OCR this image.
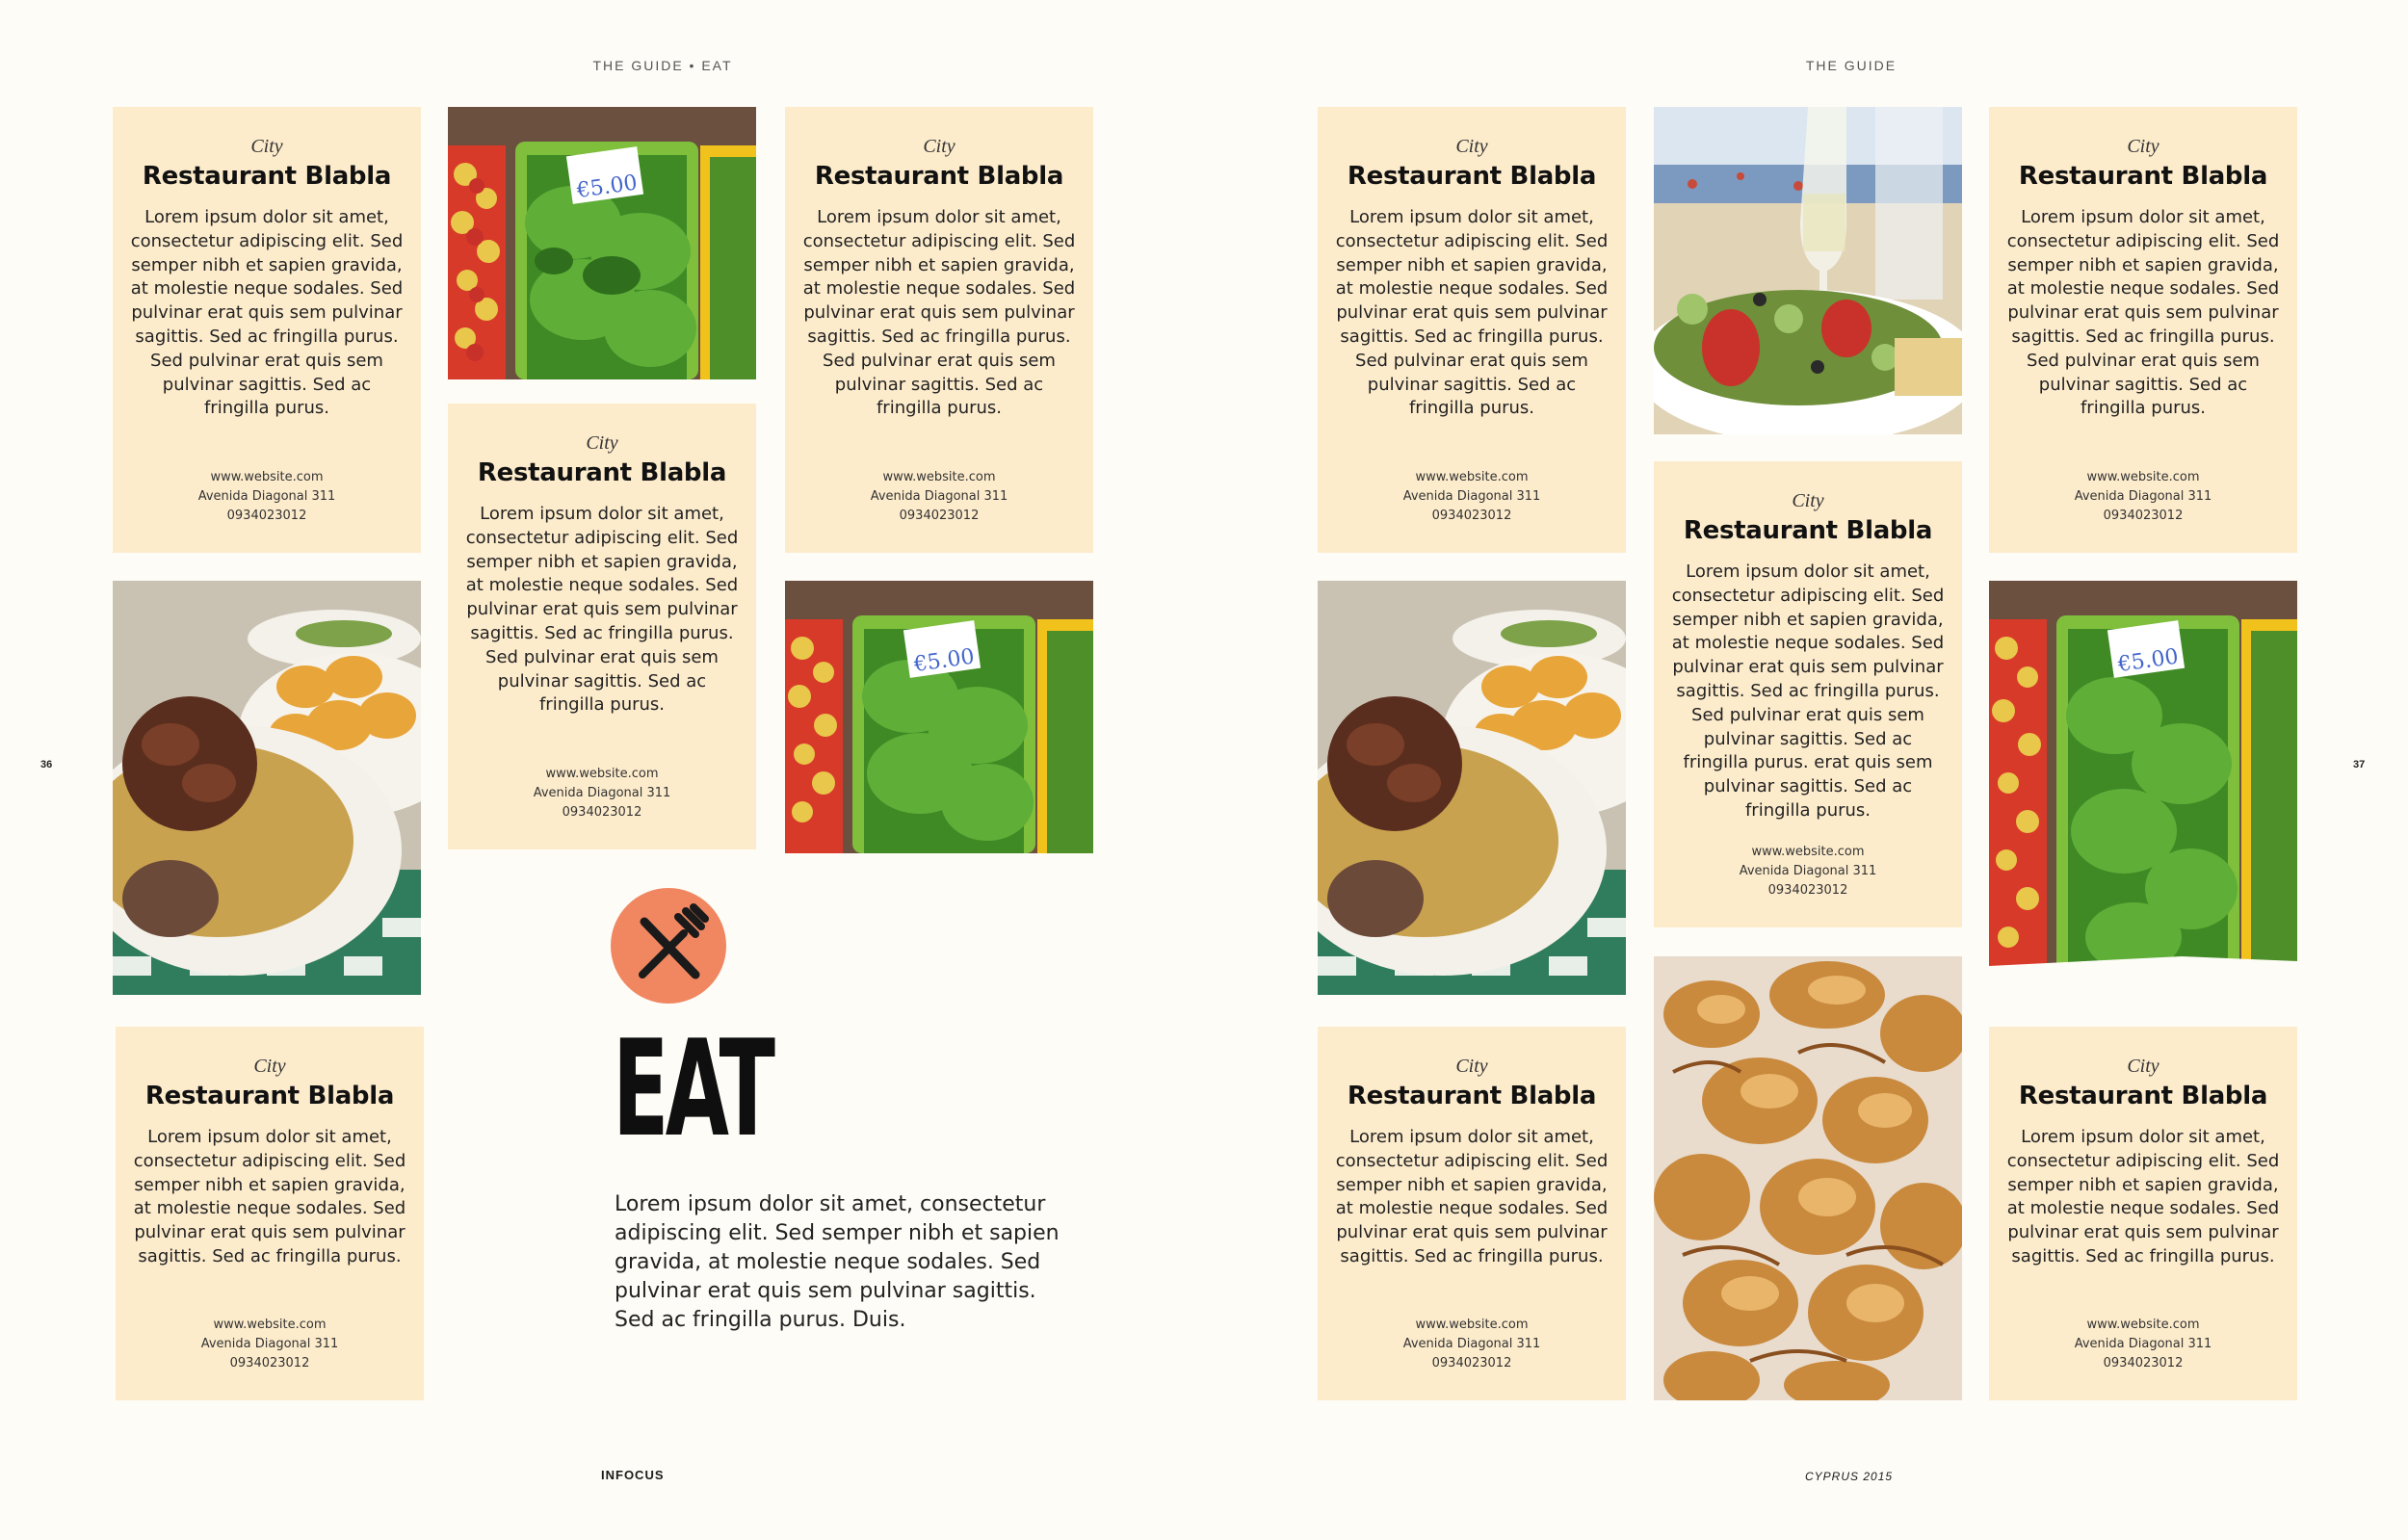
THE GUIDE • EAT	THE GUIDE
36	37
INFOCUS	CYPRUS 2015
City
Restaurant Blabla
Lorem ipsum dolor sit amet, consectetur adipiscing elit. Sed semper nibh et sapien gravida, at molestie neque sodales. Sed pulvinar erat quis sem pulvinar sagittis. Sed ac fringilla purus. Sed pulvinar erat quis sem pulvinar sagittis. Sed ac fringilla purus.
www.website.com
Avenida Diagonal 311
0934023012
€5.00
City
Restaurant Blabla
Lorem ipsum dolor sit amet, consectetur adipiscing elit. Sed semper nibh et sapien gravida, at molestie neque sodales. Sed pulvinar erat quis sem pulvinar sagittis. Sed ac fringilla purus. Sed pulvinar erat quis sem pulvinar sagittis. Sed ac fringilla purus.
www.website.com
Avenida Diagonal 311
0934023012
City
Restaurant Blabla
Lorem ipsum dolor sit amet, consectetur adipiscing elit. Sed semper nibh et sapien gravida, at molestie neque sodales. Sed pulvinar erat quis sem pulvinar sagittis. Sed ac fringilla purus. Sed pulvinar erat quis sem pulvinar sagittis. Sed ac fringilla purus.
www.website.com
Avenida Diagonal 311
0934023012
€5.00
City
Restaurant Blabla
Lorem ipsum dolor sit amet, consectetur adipiscing elit. Sed semper nibh et sapien gravida, at molestie neque sodales. Sed pulvinar erat quis sem pulvinar sagittis. Sed ac fringilla purus.
www.website.com
Avenida Diagonal 311
0934023012
EAT
Lorem ipsum dolor sit amet, consectetur adipiscing elit. Sed semper nibh et sapien gravida, at molestie neque sodales. Sed pulvinar erat quis sem pulvinar sagittis. Sed ac fringilla purus. Duis.
City
Restaurant Blabla
Lorem ipsum dolor sit amet, consectetur adipiscing elit. Sed semper nibh et sapien gravida, at molestie neque sodales. Sed pulvinar erat quis sem pulvinar sagittis. Sed ac fringilla purus. Sed pulvinar erat quis sem pulvinar sagittis. Sed ac fringilla purus.
www.website.com
Avenida Diagonal 311
0934023012
City
Restaurant Blabla
Lorem ipsum dolor sit amet, consectetur adipiscing elit. Sed semper nibh et sapien gravida, at molestie neque sodales. Sed pulvinar erat quis sem pulvinar sagittis. Sed ac fringilla purus. Sed pulvinar erat quis sem pulvinar sagittis. Sed ac fringilla purus.
www.website.com
Avenida Diagonal 311
0934023012
City
Restaurant Blabla
Lorem ipsum dolor sit amet, consectetur adipiscing elit. Sed semper nibh et sapien gravida, at molestie neque sodales. Sed pulvinar erat quis sem pulvinar sagittis. Sed ac fringilla purus. Sed pulvinar erat quis sem pulvinar sagittis. Sed ac fringilla purus. erat quis sem pulvinar sagittis. Sed ac fringilla purus.
www.website.com
Avenida Diagonal 311
0934023012
€5.00
City
Restaurant Blabla
Lorem ipsum dolor sit amet, consectetur adipiscing elit. Sed semper nibh et sapien gravida, at molestie neque sodales. Sed pulvinar erat quis sem pulvinar sagittis. Sed ac fringilla purus.
www.website.com
Avenida Diagonal 311
0934023012
City
Restaurant Blabla
Lorem ipsum dolor sit amet, consectetur adipiscing elit. Sed semper nibh et sapien gravida, at molestie neque sodales. Sed pulvinar erat quis sem pulvinar sagittis. Sed ac fringilla purus.
www.website.com
Avenida Diagonal 311
0934023012
